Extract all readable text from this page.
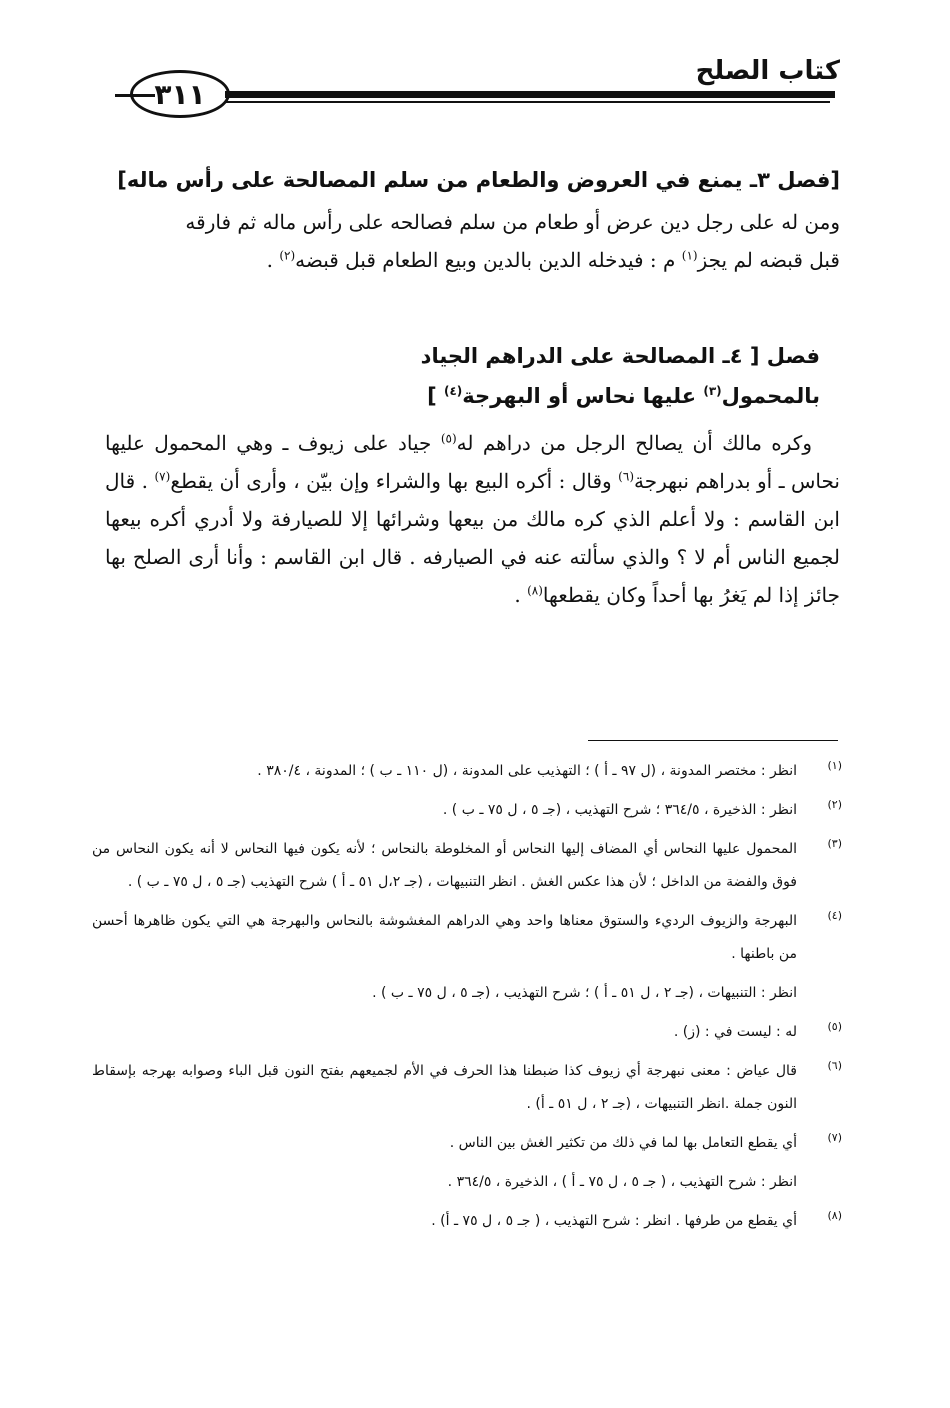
٣١١
كتاب الصلح
[فصل ٣ـ يمنع في العروض والطعام من سلم المصالحة على رأس ماله]
ومن له على رجل دين عرض أو طعام من سلم فصالحه على رأس ماله ثم فارقه
قبل قبضه لم يجز$^{(١)}$ م : فيدخله الدين بالدين وبيع الطعام قبل قبضه$^{(٢)}$ .
فصل [ ٤ـ المصالحة على الدراهم الجياد بالمحمول$^{(٣)}$ عليها نحاس أو البهرجة$^{(٤)}$ ]
وكره مالك أن يصالح الرجل من دراهم له$^{(٥)}$ جياد على زيوف ـ وهي المحمول عليها نحاس ـ أو بدراهم نبهرجة$^{(٦)}$ وقال : أكره البيع بها والشراء وإن بيّن ، وأرى أن يقطع$^{(٧)}$ . قال ابن القاسم : ولا أعلم الذي كره مالك من بيعها وشرائها إلا للصيارفة ولا أدري أكره بيعها لجميع الناس أم لا ؟ والذي سألته عنه في الصيارفه . قال ابن القاسم : وأنا أرى الصلح بها جائز إذا لم يَغرُ بها أحداً وكان يقطعها$^{(٨)}$ .
(١)
انظر : مختصر المدونة ، (ل ٩٧ ـ أ ) ؛ التهذيب على المدونة ، (ل ١١٠ ـ ب ) ؛ المدونة ، ٣٨٠/٤ .
(٢)
انظر : الذخيرة ، ٣٦٤/٥ ؛ شرح التهذيب ، (جـ ٥ ، ل ٧٥ ـ ب ) .
(٣)
المحمول عليها النحاس أي المضاف إليها النحاس أو المخلوطة بالنحاس ؛ لأنه يكون فيها النحاس لا أنه يكون النحاس من فوق والفضة من الداخل ؛ لأن هذا عكس الغش . انظر التنبيهات ، (جـ ٢،ل ٥١ ـ أ ) شرح التهذيب (جـ ٥ ، ل ٧٥ ـ ب ) .
(٤)
البهرجة والزيوف الرديء والستوق معناها واحد وهي الدراهم المغشوشة بالنحاس والبهرجة هي التي يكون ظاهرها أحسن من باطنها .
انظر : التنبيهات ، (جـ ٢ ، ل ٥١ ـ أ ) ؛ شرح التهذيب ، (جـ ٥ ، ل ٧٥ ـ ب ) .
(٥)
له : ليست في : (ز) .
(٦)
قال عياض : معنى نبهرجة أي زيوف كذا ضبطنا هذا الحرف في الأم لجميعهم بفتح النون قبل الباء وصوابه بهرجه بإسقاط النون جملة .انظر التنبيهات ، (جـ ٢ ، ل ٥١ ـ أ) .
(٧)
أي يقطع التعامل بها لما في ذلك من تكثير الغش بين الناس .
انظر : شرح التهذيب ، ( جـ ٥ ، ل ٧٥ ـ أ ) ، الذخيرة ، ٣٦٤/٥ .
(٨)
أي يقطع من طرفها . انظر : شرح التهذيب ، ( جـ ٥ ، ل ٧٥ ـ أ) .
